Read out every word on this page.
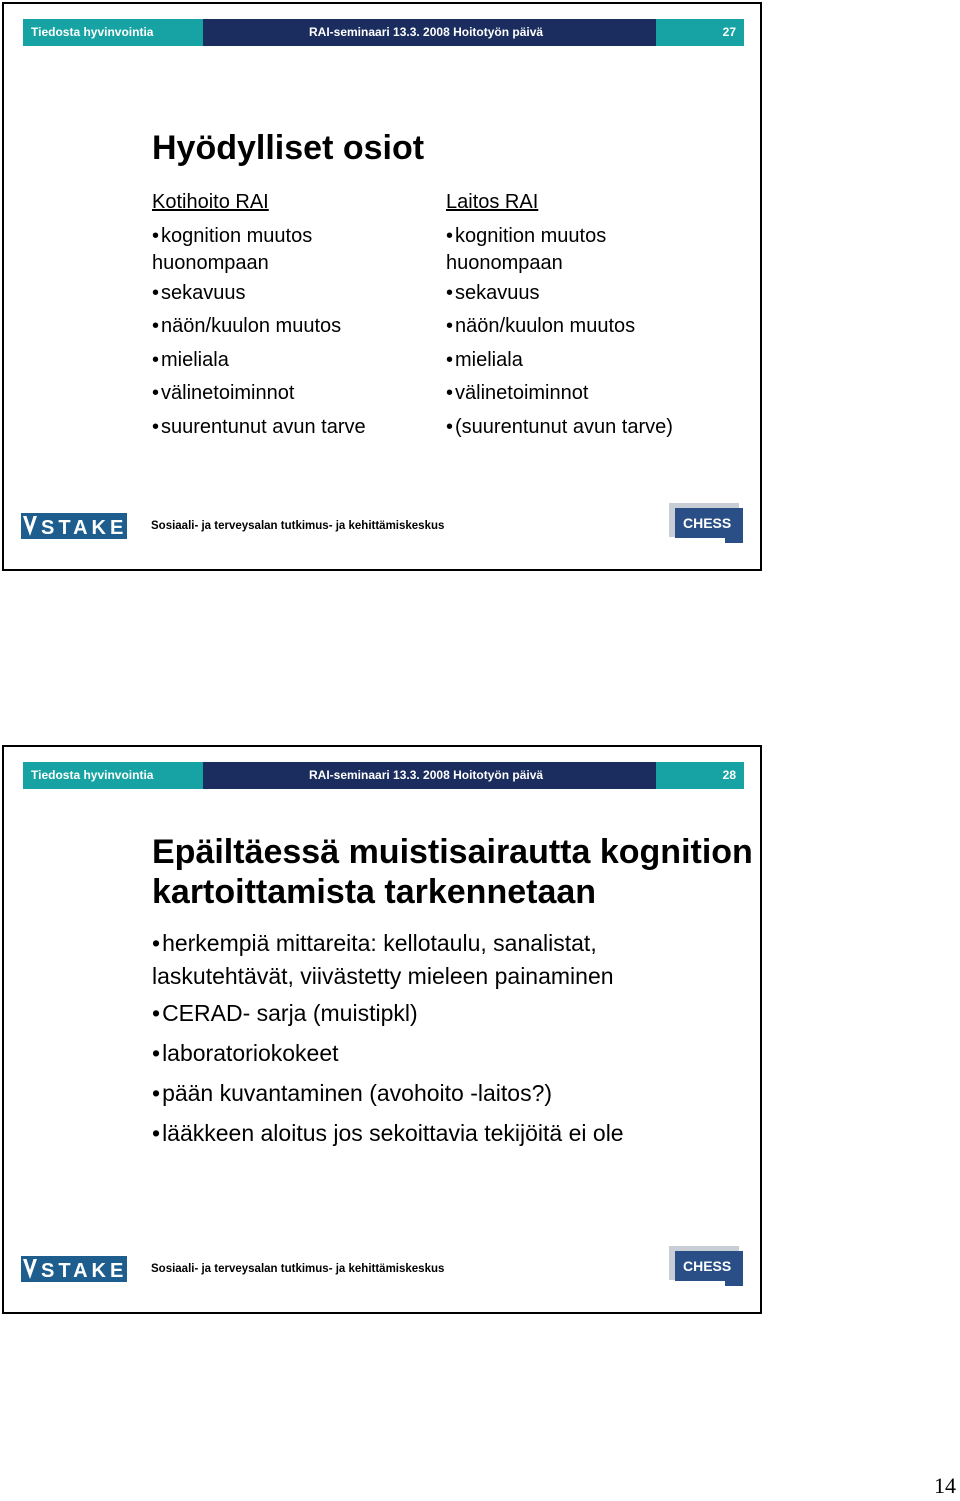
Tiedosta hyvinvointia	RAI-seminaari 13.3. 2008 Hoitotyön päivä	27
Hyödylliset osiot
Kotihoito RAI
• kognition muutos
huonompaan
• sekavuus
• näön/kuulon muutos
• mieliala
• välinetoiminnot
• suurentunut avun tarve
Laitos RAI
• kognition muutos
huonompaan
• sekavuus
• näön/kuulon muutos
• mieliala
• välinetoiminnot
• (suurentunut avun tarve)
STAKES Sosiaali- ja terveysalan tutkimus- ja kehittämiskeskus	CHESS
Tiedosta hyvinvointia	RAI-seminaari 13.3. 2008 Hoitotyön päivä	28
Epäiltäessä muistisairautta kognition
kartoittamista tarkennetaan
• herkempiä mittareita: kellotaulu, sanalistat,
laskutehtävät, viivästetty mieleen painaminen
• CERAD- sarja (muistipkl)
• laboratoriokokeet
• pään kuvantaminen (avohoito -laitos?)
• lääkkeen aloitus jos sekoittavia tekijöitä ei ole
STAKES Sosiaali- ja terveysalan tutkimus- ja kehittämiskeskus	CHESS
14
